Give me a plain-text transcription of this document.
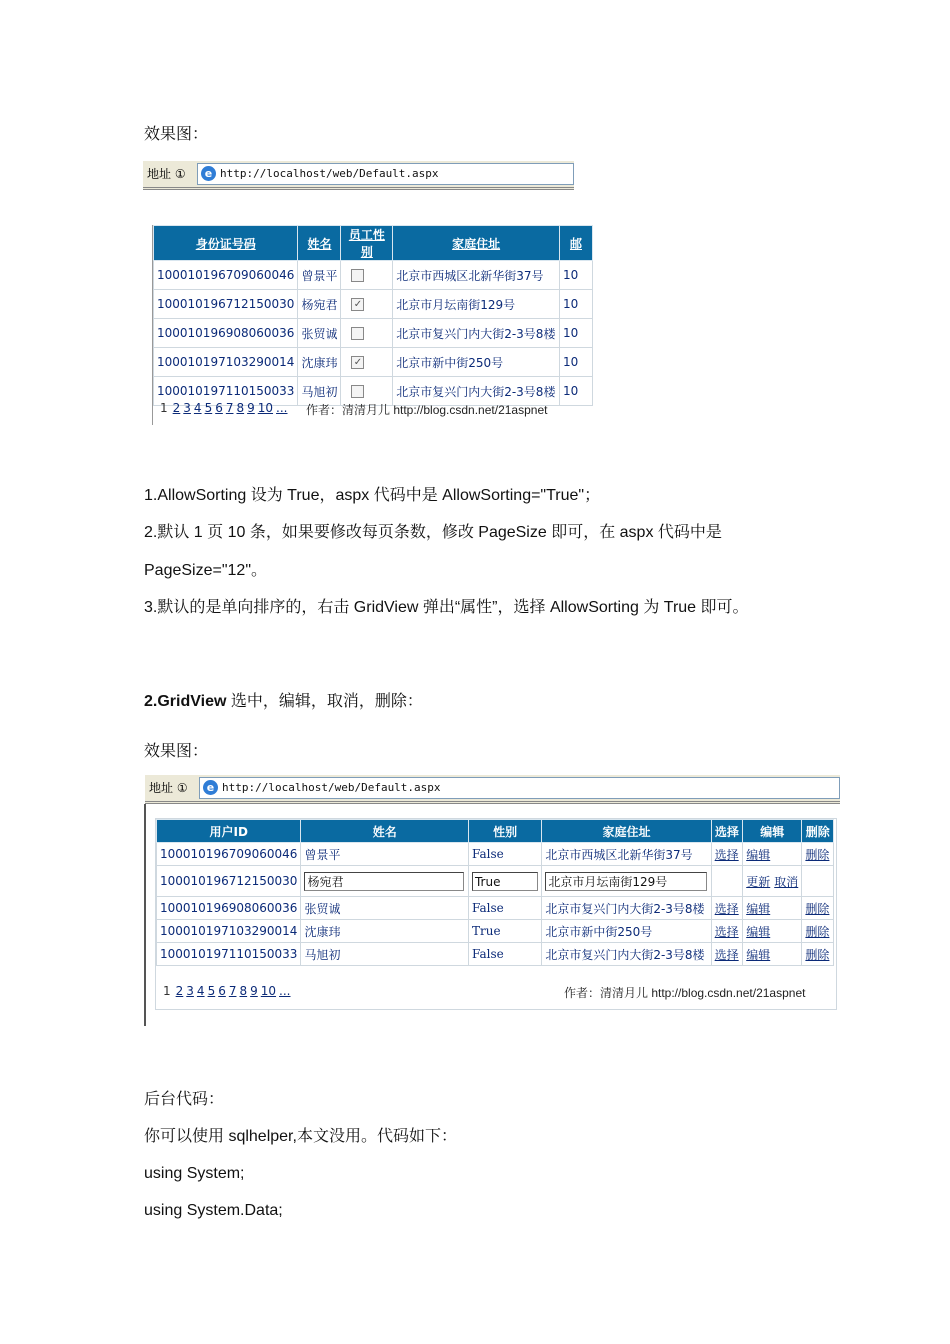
效果图：
地址 ①	e http://localhost/web/Default.aspx
身份证号码	姓名	员工性别	家庭住址	邮
100010196709060046	曾景平		北京市西城区北新华街37号	10
100010196712150030	杨宛君	✓	北京市月坛南街129号	10
100010196908060036	张贸诚		北京市复兴门内大街2-3号8楼	10
100010197103290014	沈康玮	✓	北京市新中街250号	10
100010197110150033	马旭初		北京市复兴门内大街2-3号8楼	10
1 2 3 4 5 6 7 8 9 10 ... 作者：清清月儿 http://blog.csdn.net/21aspnet
1.AllowSorting 设为 True，aspx 代码中是 AllowSorting="True"；
2.默认 1 页 10 条，如果要修改每页条数，修改 PageSize 即可，在 aspx 代码中是
PageSize="12"。
3.默认的是单向排序的，右击 GridView 弹出“属性”，选择 AllowSorting 为 True 即可。
2.GridView 选中，编辑，取消，删除：
效果图：
地址 ①	e http://localhost/web/Default.aspx
用户ID	姓名	性别	家庭住址	选择	编辑	删除
100010196709060046	曾景平	False	北京市西城区北新华街37号	选择	编辑	删除
100010196712150030	杨宛君	True	北京市月坛南街129号		更新 取消	
100010196908060036	张贸诚	False	北京市复兴门内大街2-3号8楼	选择	编辑	删除
100010197103290014	沈康玮	True	北京市新中街250号	选择	编辑	删除
100010197110150033	马旭初	False	北京市复兴门内大街2-3号8楼	选择	编辑	删除
1 2 3 4 5 6 7 8 9 10 ...	作者：清清月儿 http://blog.csdn.net/21aspnet
后台代码：
你可以使用 sqlhelper,本文没用。代码如下：
using System;
using System.Data;
